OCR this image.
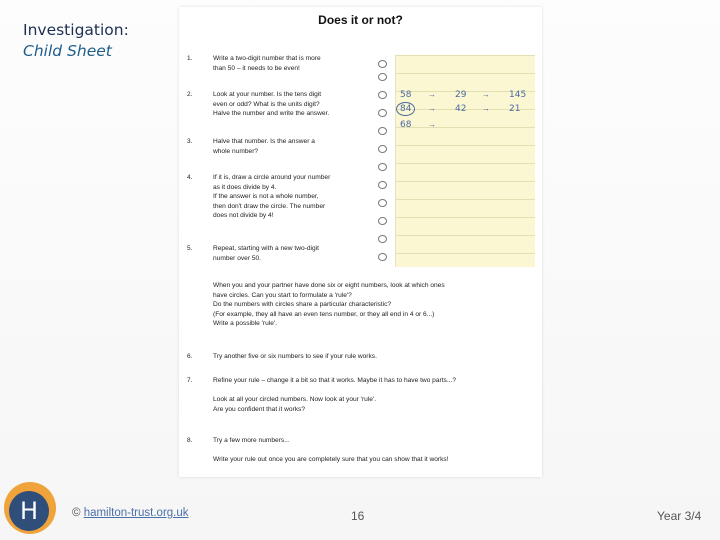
Investigation:
Child Sheet
Does it or not?
58 → 29 → 145
84 → 42 → 21
68 →
1.	Write a two-digit number that is more
than 50 – it needs to be even!
2.	Look at your number. Is the tens digit
even or odd? What is the units digit?
Halve the number and write the answer.
3.	Halve that number. Is the answer a
whole number?
4.	If it is, draw a circle around your number
as it does divide by 4.
If the answer is not a whole number,
then don't draw the circle. The number
does not divide by 4!
5.	Repeat, starting with a new two-digit
number over 50.
When you and your partner have done six or eight numbers, look at which ones
have circles. Can you start to formulate a 'rule'?
Do the numbers with circles share a particular characteristic?
(For example, they all have an even tens number, or they all end in 4 or 6...)
Write a possible 'rule'.
6.	Try another five or six numbers to see if your rule works.
7.	Refine your rule – change it a bit so that it works. Maybe it has to have two parts...?
Look at all your circled numbers. Now look at your 'rule'.
Are you confident that it works?
8.	Try a few more numbers...
Write your rule out once you are completely sure that you can show that it works!
H	© hamilton-trust.org.uk	16	Year 3/4
